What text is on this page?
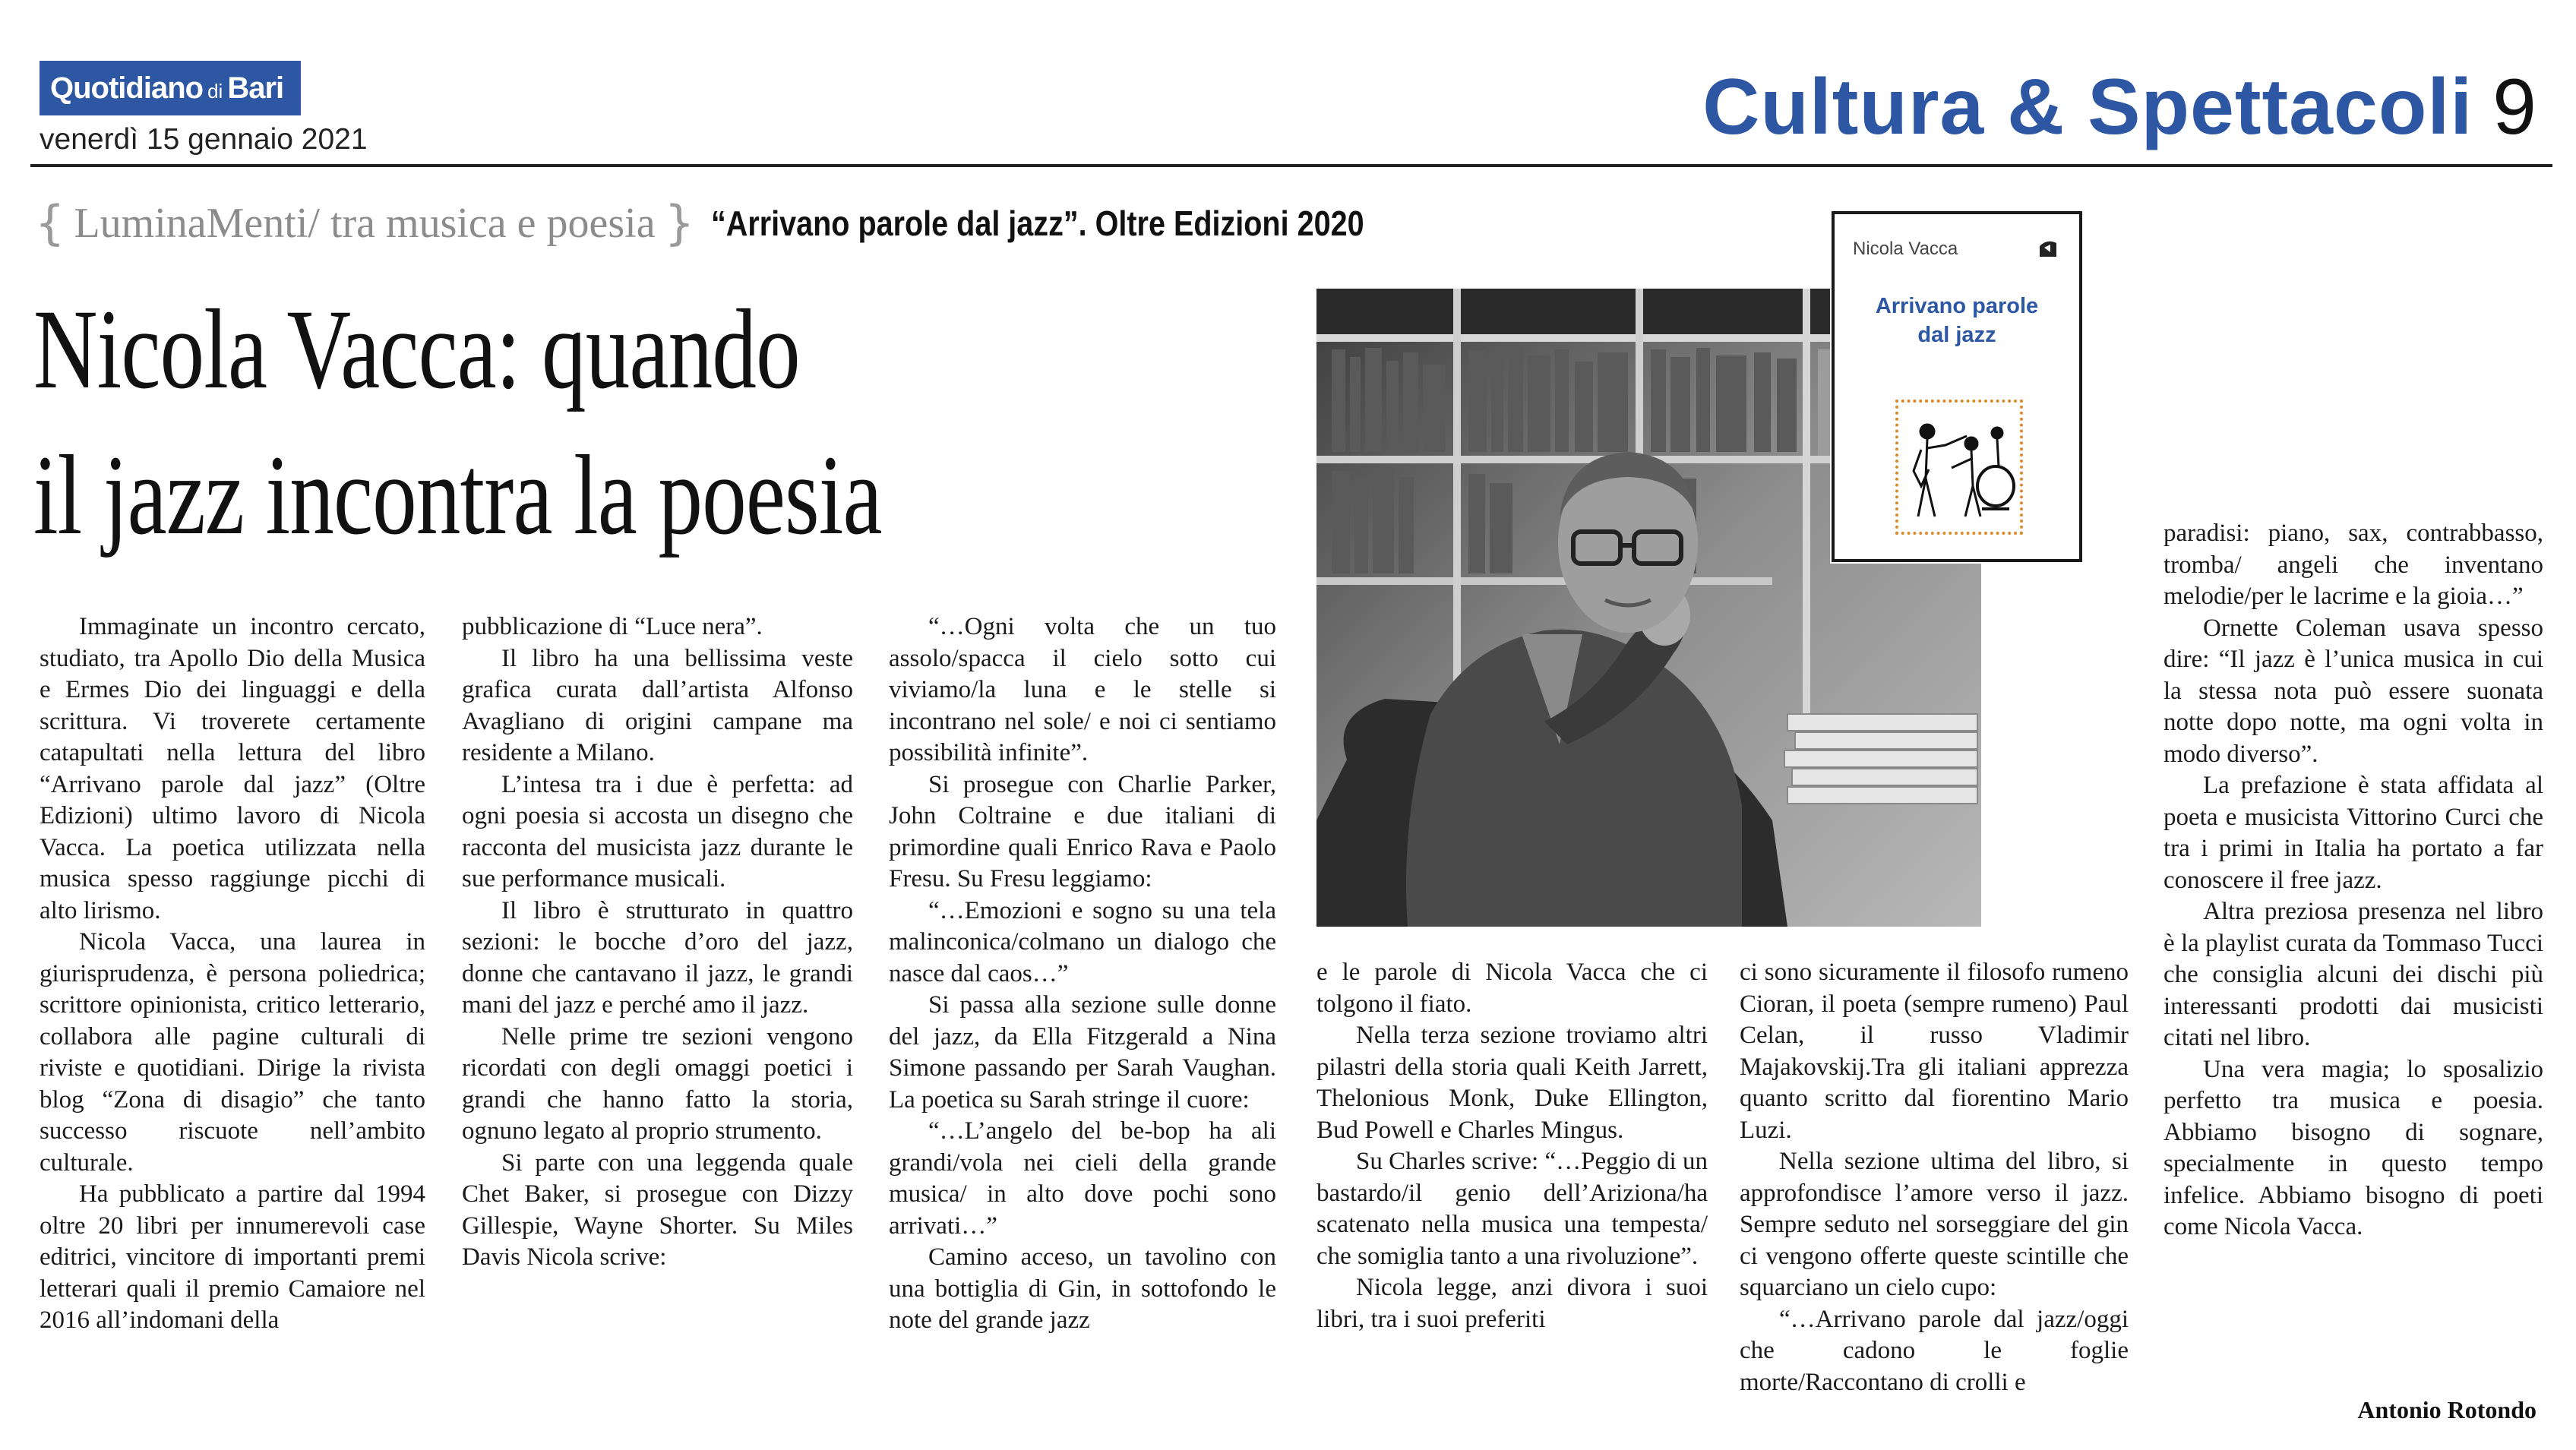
Quotidiano di Bari
venerdì 15 gennaio 2021	Cultura & Spettacoli 9
{ LuminaMenti/ tra musica e poesia } “Arrivano parole dal jazz”. Oltre Edizioni 2020
Nicola Vacca: quando
il jazz incontra la poesia
Nicola Vacca
Arrivano parole
dal jazz

Immaginate un incontro cercato, studiato, tra Apollo Dio della Musica e Ermes Dio dei linguaggi e della scrittura. Vi troverete certamente catapultati nella lettura del libro “Arrivano parole dal jazz” (Oltre Edizioni) ultimo lavoro di Nicola Vacca. La poetica utilizzata nella musica spesso raggiunge picchi di alto lirismo.

Nicola Vacca, una laurea in giurisprudenza, è persona poliedrica; scrittore opinionista, critico letterario, collabora alle pagine culturali di riviste e quotidiani. Dirige la rivista blog “Zona di disagio” che tanto successo riscuote nell’ambito culturale.

Ha pubblicato a partire dal 1994 oltre 20 libri per innumerevoli case editrici, vincitore di importanti premi letterari quali il premio Camaiore nel 2016 all’indomani della

pubblicazione di “Luce nera”.

Il libro ha una bellissima veste grafica curata dall’artista Alfonso Avagliano di origini campane ma residente a Milano.

L’intesa tra i due è perfetta: ad ogni poesia si accosta un disegno che racconta del musicista jazz durante le sue performance musicali.

Il libro è strutturato in quattro sezioni: le bocche d’oro del jazz, donne che cantavano il jazz, le grandi mani del jazz e perché amo il jazz.

Nelle prime tre sezioni vengono ricordati con degli omaggi poetici i grandi che hanno fatto la storia, ognuno legato al proprio strumento.

Si parte con una leggenda quale Chet Baker, si prosegue con Dizzy Gillespie, Wayne Shorter. Su Miles Davis Nicola scrive:

“…Ogni volta che un tuo assolo/spacca il cielo sotto cui viviamo/la luna e le stelle si incontrano nel sole/ e noi ci sentiamo possibilità infinite”.

Si prosegue con Charlie Parker, John Coltraine e due italiani di primordine quali Enrico Rava e Paolo Fresu. Su Fresu leggiamo:

“…Emozioni e sogno su una tela malinconica/colmano un dialogo che nasce dal caos…”

Si passa alla sezione sulle donne del jazz, da Ella Fitzgerald a Nina Simone passando per Sarah Vaughan. La poetica su Sarah stringe il cuore:

“…L’angelo del be-bop ha ali grandi/vola nei cieli della grande musica/ in alto dove pochi sono arrivati…”

Camino acceso, un tavolino con una bottiglia di Gin, in sottofondo le note del grande jazz

e le parole di Nicola Vacca che ci tolgono il fiato.

Nella terza sezione troviamo altri pilastri della storia quali Keith Jarrett, Thelonious Monk, Duke Ellington, Bud Powell e Charles Mingus.

Su Charles scrive: “…Peggio di un bastardo/il genio dell’Ariziona/ha scatenato nella musica una tempesta/ che somiglia tanto a una rivoluzione”.

Nicola legge, anzi divora i suoi libri, tra i suoi preferiti

ci sono sicuramente il filosofo rumeno Cioran, il poeta (sempre rumeno) Paul Celan, il russo Vladimir Majakovskij.Tra gli italiani apprezza quanto scritto dal fiorentino Mario Luzi.

Nella sezione ultima del libro, si approfondisce l’amore verso il jazz. Sempre seduto nel sorseggiare del gin ci vengono offerte queste scintille che squarciano un cielo cupo:

“…Arrivano parole dal jazz/oggi che cadono le foglie morte/Raccontano di crolli e

paradisi: piano, sax, contrabbasso, tromba/ angeli che inventano melodie/per le lacrime e la gioia…”

Ornette Coleman usava spesso dire: “Il jazz è l’unica musica in cui la stessa nota può essere suonata notte dopo notte, ma ogni volta in modo diverso”.

La prefazione è stata affidata al poeta e musicista Vittorino Curci che tra i primi in Italia ha portato a far conoscere il free jazz.

Altra preziosa presenza nel libro è la playlist curata da Tommaso Tucci che consiglia alcuni dei dischi più interessanti prodotti dai musicisti citati nel libro.

Una vera magia; lo sposalizio perfetto tra musica e poesia. Abbiamo bisogno di sognare, specialmente in questo tempo infelice. Abbiamo bisogno di poeti come Nicola Vacca.

Antonio Rotondo
